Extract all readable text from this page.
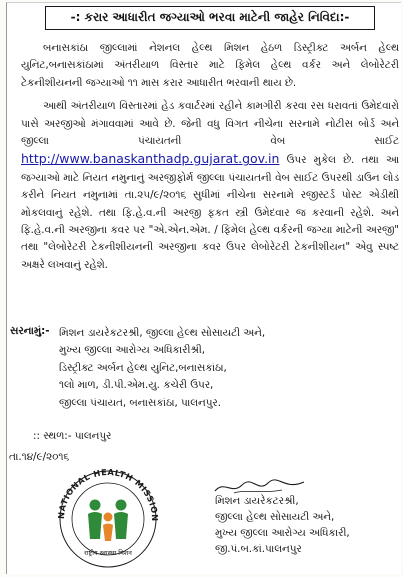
-: કરાર આધારીત જગ્યાઓ ભરવા માટેની જાહેર નિવિદા:-

બનાસકાંઠા જીલ્લામાં નેશનલ હેલ્થ મિશન હેઠળ ડિસ્ટ્રીક્ટ અર્બન હેલ્થ યુનિટ,બનાસકાંઠામાં અંતરીયાળ વિસ્તાર માટે ફિમેલ હેલ્થ વર્કર અને લેબોરેટરી ટેકનીશીયનની જગ્યાઓ ૧૧ માસ કરાર આધારીત ભરવાની થાય છે.

આથી અંતરીયાળ વિસ્તારમાં હેડ કવાર્ટરમાં રહીને કામગીરી કરવા રસ ધરાવતાં ઉમેદવારો પાસે અરજીઓ મંગાવવામાં આવે છે. જેની વધુ વિગત નીચેના સરનામે નોટીસ બોર્ડ અને જીલ્લા પંચાયતની વેબ સાઈટ http://www.banaskanthadp.gujarat.gov.in ઉપર મુકેલ છે. તથા આ જગ્યાઓ માટે નિયત નમુનાનું અરજીફોર્મ જીલ્લા પંચાયતની વેબ સાઈટ ઉપરથી ડાઉન લોડ કરીને નિયત નમુનામાં તા.૨૫/૯/૨૦૧૬ સુધીમાં નીચેના સરનામે રજીસ્ટર્ડ પોસ્ટ એડીથી મોકલવાનું રહેશે. તથા ફિ.હે.વ.ની અરજી ફકત સ્ત્રી ઉમેદવાર જ કરવાની રહેશે. અને ફિ.હે.વ.ની અરજીના કવર પર "એ.એન.એમ. / ફિમેલ હેલ્થ વર્કરની જગ્યા માટેની અરજી" તથા "લેબોરેટરી ટેકનીશીયનની અરજીના કવર ઉપર લેબોરેટરી ટેકનીશીયન" એવુ સ્પષ્ટ અક્ષરે લખવાનું રહેશે.

સરનામું:- મિશન ડાયરેકટરશ્રી, જીલ્લા હેલ્થ સોસાયટી અને,
મુખ્ય જીલ્લા આરોગ્ય અધિકારીશ્રી,
ડિસ્ટ્રીક્ટ અર્બન હેલ્થ યુનિટ,બનાસકાંઠા,
૧લો માળ, ડી.પી.એમ.યુ. કચેરી ઉપર,
જીલ્લા પંચાયત, બનાસકાંઠા, પાલનપુર.
:: સ્થળ:- પાલનપુર
તા.૧૪/૯/૨૦૧૬
મિશન ડાયરેકટરશ્રી,
જીલ્લા હેલ્થ સોસાયટી અને,
મુખ્ય જીલ્લા આરોગ્ય અધિકારી,
જી.પં.બ.કાં.પાલનપુર
NATIONAL HEALTH MISSION
राष्ट्रीय स्वास्थ्य मिशन
